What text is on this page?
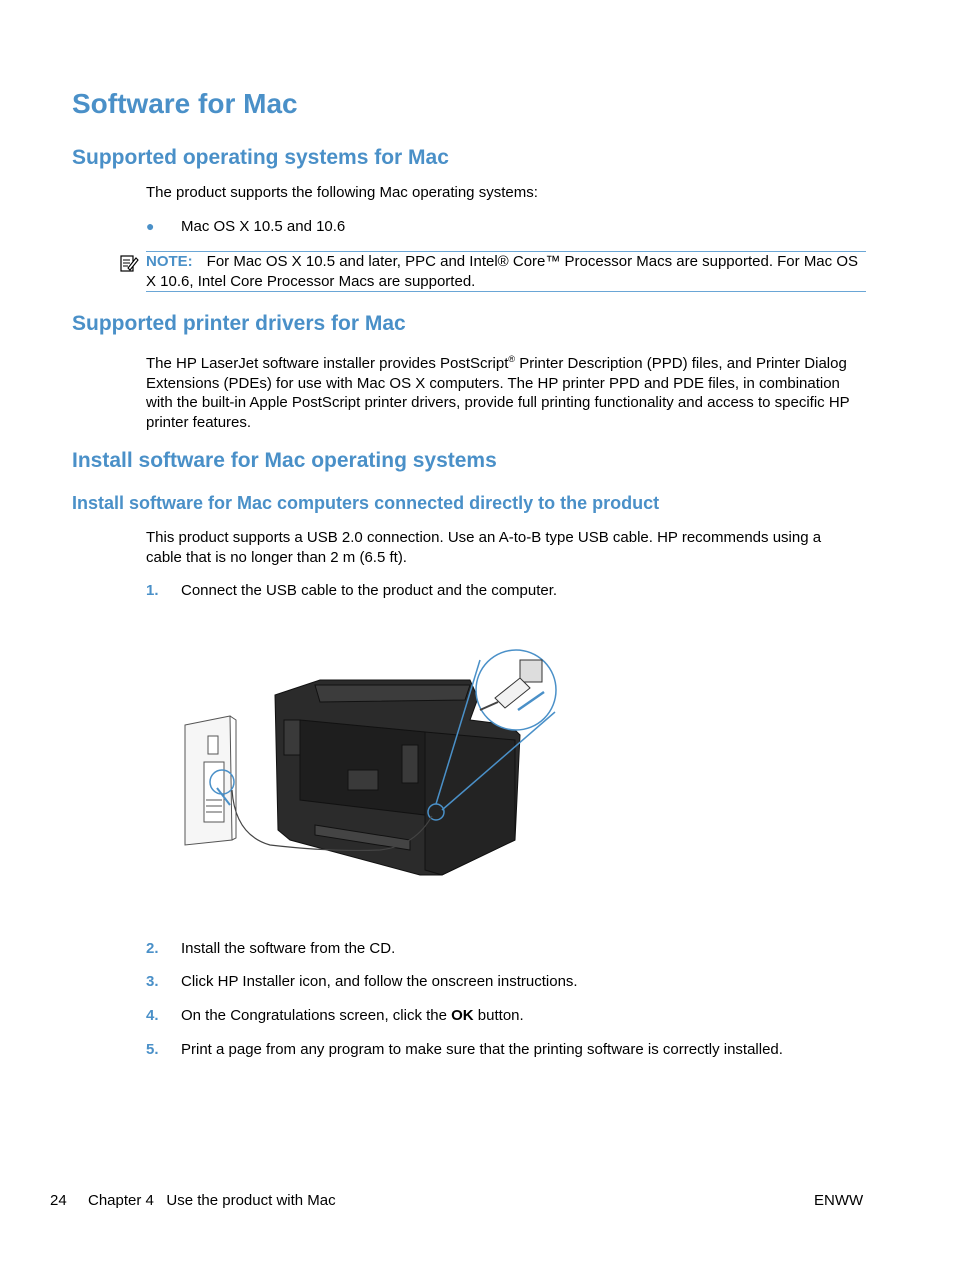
Software for Mac
Supported operating systems for Mac

The product supports the following Mac operating systems:

● Mac OS X 10.5 and 10.6
NOTE: For Mac OS X 10.5 and later, PPC and Intel® Core™ Processor Macs are supported. For Mac OS X 10.6, Intel Core Processor Macs are supported.
Supported printer drivers for Mac

The HP LaserJet software installer provides PostScript® Printer Description (PPD) files, and Printer Dialog Extensions (PDEs) for use with Mac OS X computers. The HP printer PPD and PDE files, in combination with the built-in Apple PostScript printer drivers, provide full printing functionality and access to specific HP printer features.

Install software for Mac operating systems
Install software for Mac computers connected directly to the product

This product supports a USB 2.0 connection. Use an A-to-B type USB cable. HP recommends using a cable that is no longer than 2 m (6.5 ft).

1. Connect the USB cable to the product and the computer.
2. Install the software from the CD.
3. Click HP Installer icon, and follow the onscreen instructions.
4. On the Congratulations screen, click the OK button.
5. Print a page from any program to make sure that the printing software is correctly installed.
24 Chapter 4   Use the product with Mac	ENWW
